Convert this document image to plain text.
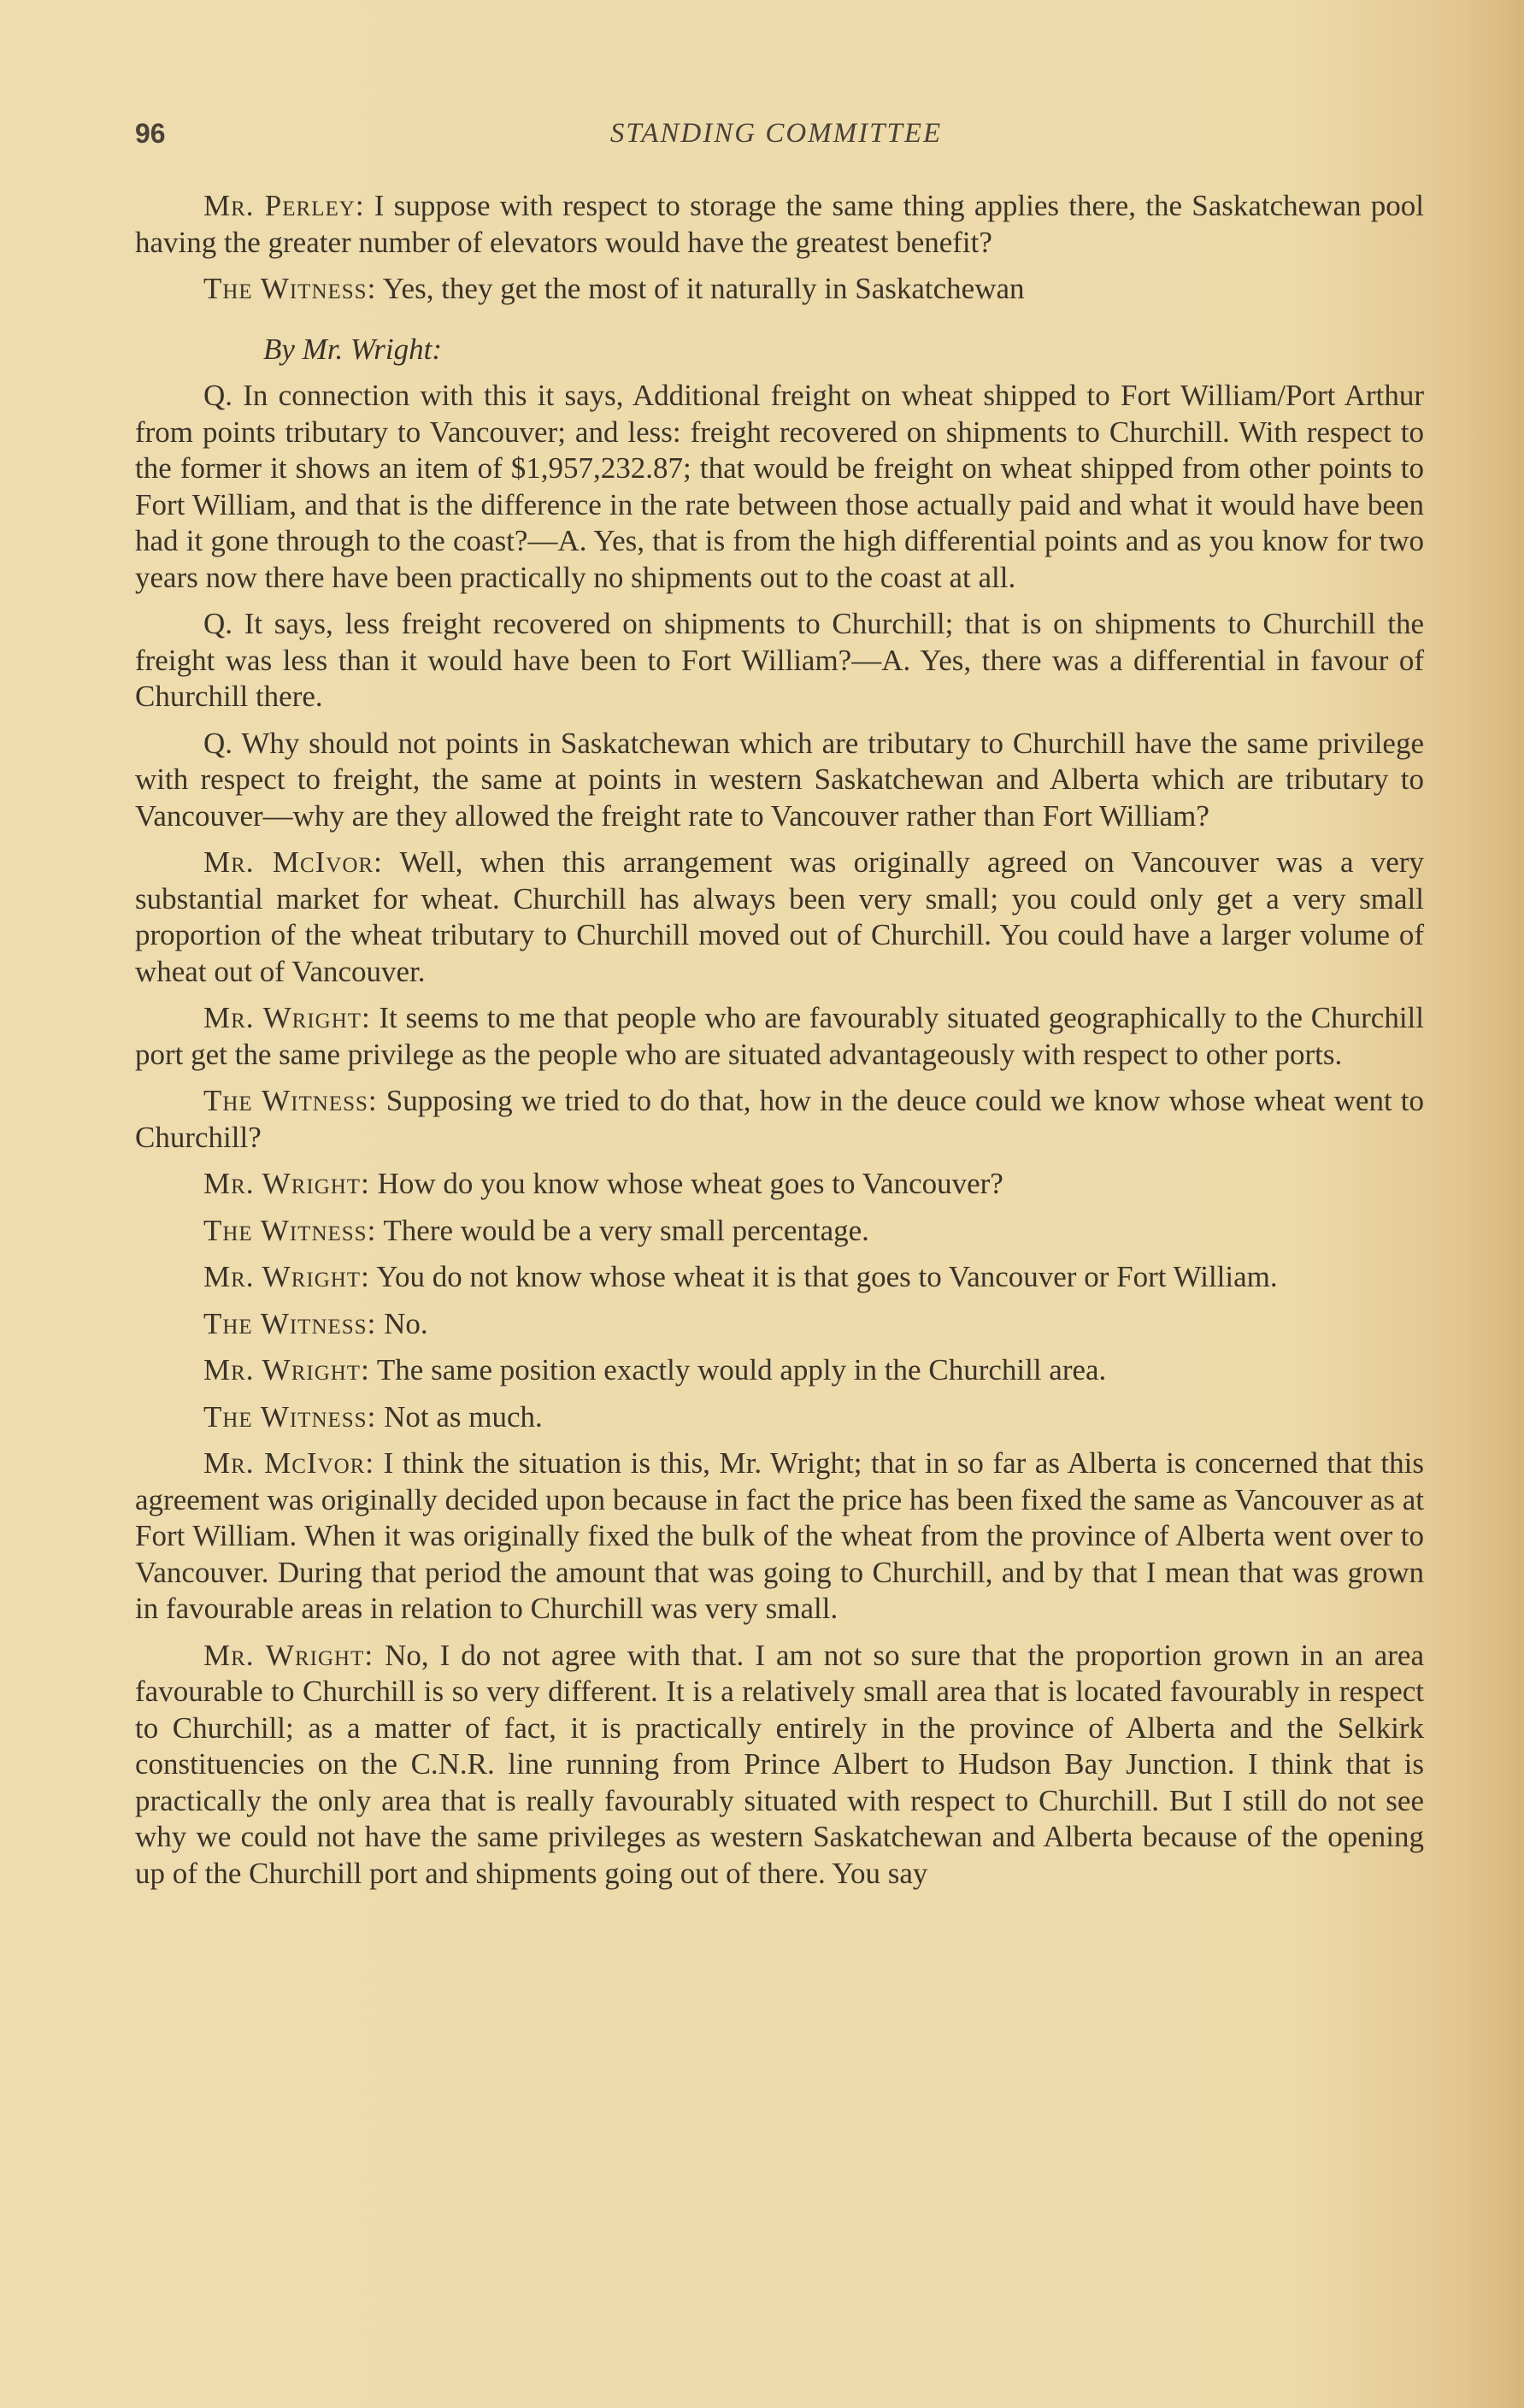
96	STANDING COMMITTEE

Mr. Perley: I suppose with respect to storage the same thing applies there, the Saskatchewan pool having the greater number of elevators would have the greatest benefit?

The Witness: Yes, they get the most of it naturally in Saskatchewan

By Mr. Wright:

Q. In connection with this it says, Additional freight on wheat shipped to Fort William/Port Arthur from points tributary to Vancouver; and less: freight recovered on shipments to Churchill. With respect to the former it shows an item of $1,957,232.87; that would be freight on wheat shipped from other points to Fort William, and that is the difference in the rate between those actually paid and what it would have been had it gone through to the coast?—A. Yes, that is from the high differential points and as you know for two years now there have been practically no shipments out to the coast at all.

Q. It says, less freight recovered on shipments to Churchill; that is on shipments to Churchill the freight was less than it would have been to Fort William?—A. Yes, there was a differential in favour of Churchill there.

Q. Why should not points in Saskatchewan which are tributary to Churchill have the same privilege with respect to freight, the same at points in western Saskatchewan and Alberta which are tributary to Vancouver—why are they allowed the freight rate to Vancouver rather than Fort William?

Mr. McIvor: Well, when this arrangement was originally agreed on Vancouver was a very substantial market for wheat. Churchill has always been very small; you could only get a very small proportion of the wheat tributary to Churchill moved out of Churchill. You could have a larger volume of wheat out of Vancouver.

Mr. Wright: It seems to me that people who are favourably situated geographically to the Churchill port get the same privilege as the people who are situated advantageously with respect to other ports.

The Witness: Supposing we tried to do that, how in the deuce could we know whose wheat went to Churchill?

Mr. Wright: How do you know whose wheat goes to Vancouver?

The Witness: There would be a very small percentage.

Mr. Wright: You do not know whose wheat it is that goes to Vancouver or Fort William.

The Witness: No.

Mr. Wright: The same position exactly would apply in the Churchill area.

The Witness: Not as much.

Mr. McIvor: I think the situation is this, Mr. Wright; that in so far as Alberta is concerned that this agreement was originally decided upon because in fact the price has been fixed the same as Vancouver as at Fort William. When it was originally fixed the bulk of the wheat from the province of Alberta went over to Vancouver. During that period the amount that was going to Churchill, and by that I mean that was grown in favourable areas in relation to Churchill was very small.

Mr. Wright: No, I do not agree with that. I am not so sure that the proportion grown in an area favourable to Churchill is so very different. It is a relatively small area that is located favourably in respect to Churchill; as a matter of fact, it is practically entirely in the province of Alberta and the Selkirk constituencies on the C.N.R. line running from Prince Albert to Hudson Bay Junction. I think that is practically the only area that is really favourably situated with respect to Churchill. But I still do not see why we could not have the same privileges as western Saskatchewan and Alberta because of the opening up of the Churchill port and shipments going out of there. You say
